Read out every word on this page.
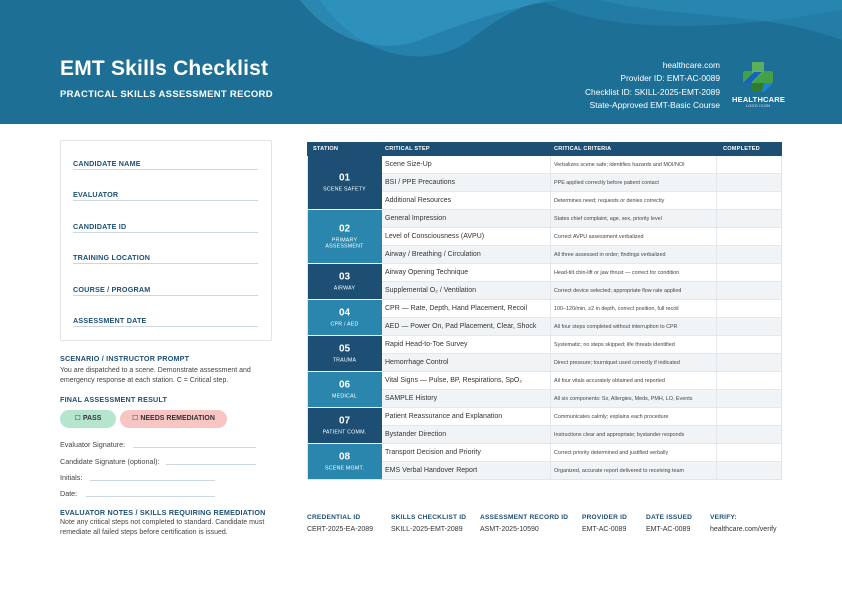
EMT Skills Checklist
PRACTICAL SKILLS ASSESSMENT RECORD
healthcare.com
Provider ID: EMT-AC-0089
Checklist ID: SKILL-2025-EMT-2089
State-Approved EMT-Basic Course
HEALTHCARE
LOGO ICON
CANDIDATE NAME
EVALUATOR
CANDIDATE ID
TRAINING LOCATION
COURSE / PROGRAM
ASSESSMENT DATE
SCENARIO / INSTRUCTOR PROMPT
You are dispatched to a scene. Demonstrate assessment and emergency response at each station. C = Critical step.
FINAL ASSESSMENT RESULT
☐ PASS	☐ NEEDS REMEDIATION
Evaluator Signature:
Candidate Signature (optional):
Initials:
Date:
EVALUATOR NOTES / SKILLS REQUIRING REMEDIATION
Note any critical steps not completed to standard. Candidate must remediate all failed steps before certification is issued.
STATION	CRITICAL STEP	CRITICAL CRITERIA	COMPLETED
01
SCENE SAFETY
Scene Size-Up	Verbalizes scene safe; identifies hazards and MOI/NOI
BSI / PPE Precautions	PPE applied correctly before patient contact
Additional Resources	Determines need; requests or denies correctly
02
PRIMARY ASSESSMENT
General Impression	States chief complaint, age, sex, priority level
Level of Consciousness (AVPU)	Correct AVPU assessment verbalized
Airway / Breathing / Circulation	All three assessed in order; findings verbalized
03
AIRWAY
Airway Opening Technique	Head-tilt chin-lift or jaw thrust — correct for condition
Supplemental O₂ / Ventilation	Correct device selected; appropriate flow rate applied
04
CPR / AED
CPR — Rate, Depth, Hand Placement, Recoil	100–120/min, ≥2 in depth, correct position, full recoil
AED — Power On, Pad Placement, Clear, Shock	All four steps completed without interruption to CPR
05
TRAUMA
Rapid Head-to-Toe Survey	Systematic; no steps skipped; life threats identified
Hemorrhage Control	Direct pressure; tourniquet used correctly if indicated
06
MEDICAL
Vital Signs — Pulse, BP, Respirations, SpO₂	All four vitals accurately obtained and reported
SAMPLE History	All six components: Sx, Allergies, Meds, PMH, LO, Events
07
PATIENT COMM.
Patient Reassurance and Explanation	Communicates calmly; explains each procedure
Bystander Direction	Instructions clear and appropriate; bystander responds
08
SCENE MGMT.
Transport Decision and Priority	Correct priority determined and justified verbally
EMS Verbal Handover Report	Organized, accurate report delivered to receiving team
CREDENTIAL ID
CERT-2025-EA-2089
SKILLS CHECKLIST ID
SKILL-2025-EMT-2089
ASSESSMENT RECORD ID
ASMT-2025-10590
PROVIDER ID
EMT-AC-0089
DATE ISSUED
EMT-AC-0089
VERIFY:
healthcare.com/verify
